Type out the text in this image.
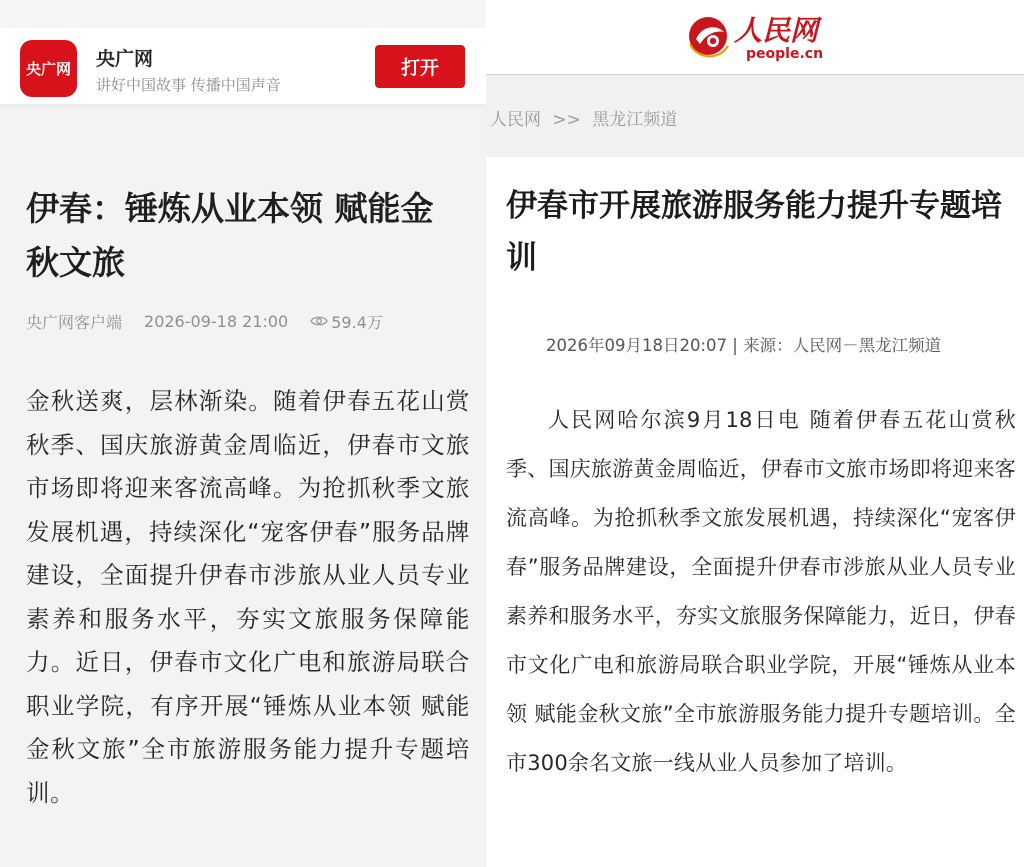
央广网	央广网
讲好中国故事 传播中国声音
打开
伊春：锤炼从业本领 赋能金秋文旅
央广网客户端 2026-09-18 21:00	59.4万
金秋送爽，层林渐染。随着伊春五花山赏秋季、国庆旅游黄金周临近，伊春市文旅市场即将迎来客流高峰。为抢抓秋季文旅发展机遇，持续深化“宠客伊春”服务品牌建设，全面提升伊春市涉旅从业人员专业素养和服务水平，夯实文旅服务保障能力。近日，伊春市文化广电和旅游局联合职业学院，有序开展“锤炼从业本领 赋能金秋文旅”全市旅游服务能力提升专题培训。
人民网
people.cn
人民网 >> 黑龙江频道
伊春市开展旅游服务能力提升专题培训
2026年09月18日20:07 | 来源：人民网－黑龙江频道

人民网哈尔滨9月18日电 随着伊春五花山赏秋季、国庆旅游黄金周临近，伊春市文旅市场即将迎来客流高峰。为抢抓秋季文旅发展机遇，持续深化“宠客伊春”服务品牌建设，全面提升伊春市涉旅从业人员专业素养和服务水平，夯实文旅服务保障能力，近日，伊春市文化广电和旅游局联合职业学院，开展“锤炼从业本领 赋能金秋文旅”全市旅游服务能力提升专题培训。全市300余名文旅一线从业人员参加了培训。
